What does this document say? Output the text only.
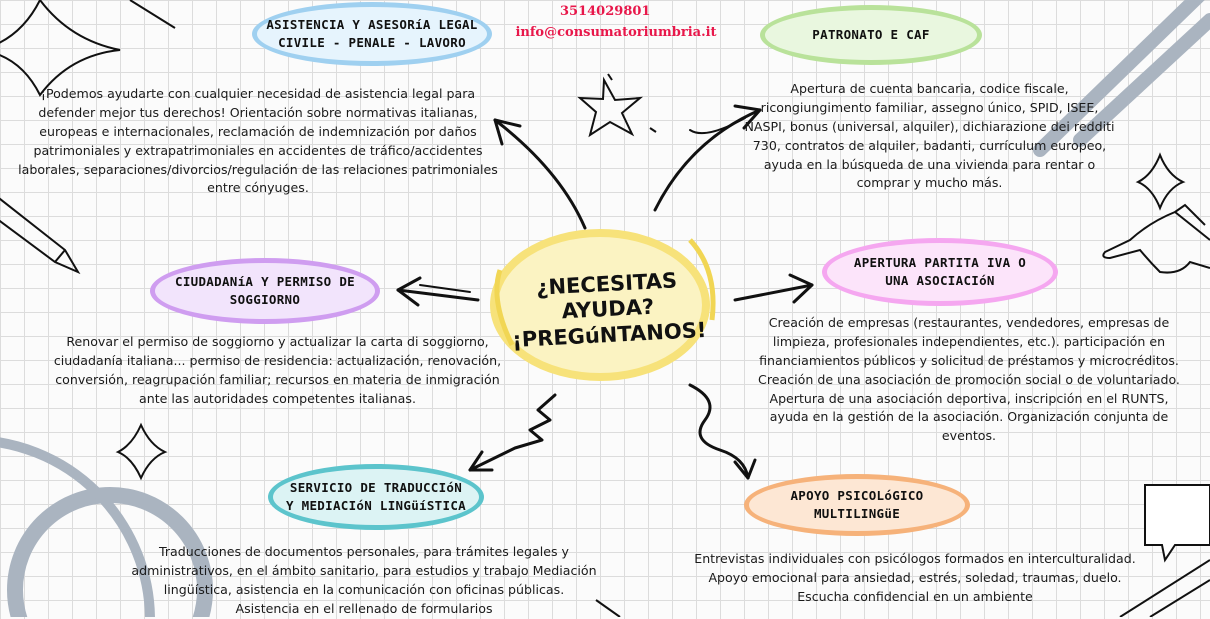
3514029801
info@consumatoriumbria.it
¿NECESITAS
AYUDA?
¡PREGúNTANOS!
ASISTENCIA Y ASESORíA LEGAL
CIVILE - PENALE - LAVORO
¡Podemos ayudarte con cualquier necesidad de asistencia legal para defender mejor tus derechos! Orientación sobre normativas italianas, europeas e internacionales, reclamación de indemnización por daños patrimoniales y extrapatrimoniales en accidentes de tráfico/accidentes laborales, separaciones/divorcios/regulación de las relaciones patrimoniales entre cónyuges.
PATRONATO E CAF
Apertura de cuenta bancaria, codice fiscale, ricongiungimento familiar, assegno único, SPID, ISEE, NASPI, bonus (universal, alquiler), dichiarazione dei redditi 730, contratos de alquiler, badanti, currículum europeo, ayuda en la búsqueda de una vivienda para rentar o comprar y mucho más.
CIUDADANíA Y PERMISO DE
SOGGIORNO
Renovar el permiso de soggiorno y actualizar la carta di soggiorno, ciudadanía italiana... permiso de residencia: actualización, renovación, conversión, reagrupación familiar; recursos en materia de inmigración ante las autoridades competentes italianas.
APERTURA PARTITA IVA O
UNA ASOCIACIóN
Creación de empresas (restaurantes, vendedores, empresas de limpieza, profesionales independientes, etc.). participación en financiamientos públicos y solicitud de préstamos y microcréditos. Creación de una asociación de promoción social o de voluntariado. Apertura de una asociación deportiva, inscripción en el RUNTS, ayuda en la gestión de la asociación. Organización conjunta de eventos.
SERVICIO DE TRADUCCIóN
Y MEDIACIóN LINGüíSTICA
Traducciones de documentos personales, para trámites legales y administrativos, en el ámbito sanitario, para estudios y trabajo Mediación lingüística, asistencia en la comunicación con oficinas públicas. Asistencia en el rellenado de formularios
APOYO PSICOLóGICO
MULTILINGüE
Entrevistas individuales con psicólogos formados en interculturalidad. Apoyo emocional para ansiedad, estrés, soledad, traumas, duelo. Escucha confidencial en un ambiente
